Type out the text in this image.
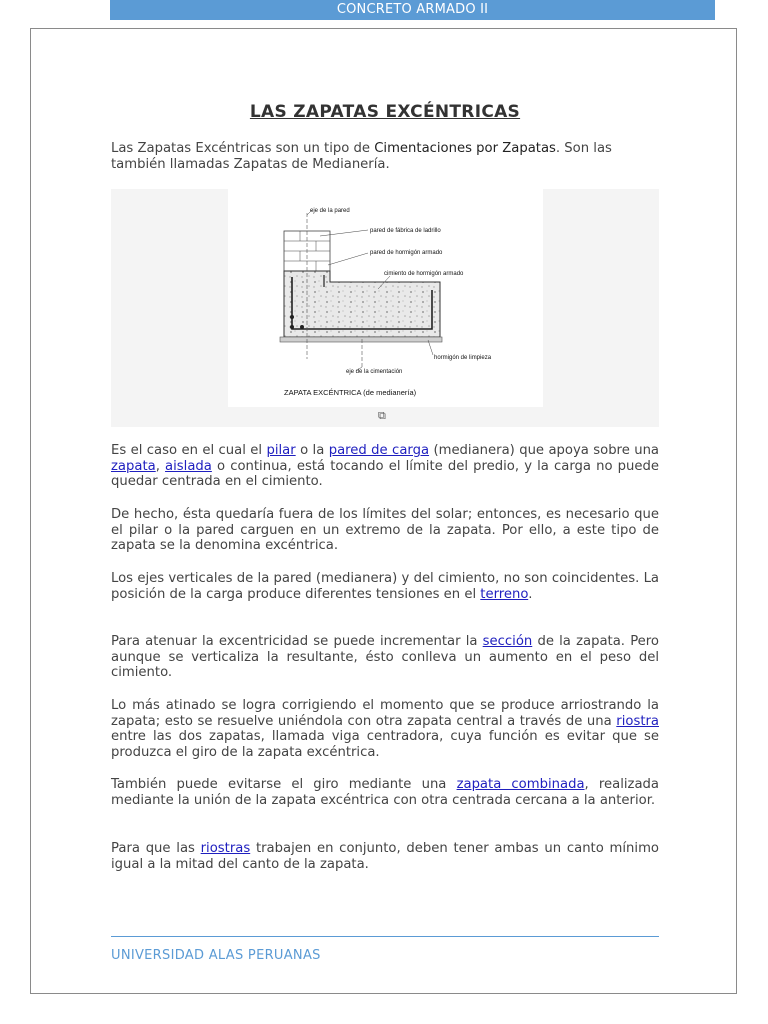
CONCRETO ARMADO II
LAS ZAPATAS EXCÉNTRICAS

Las Zapatas Excéntricas son un tipo de Cimentaciones por Zapatas. Son las también llamadas Zapatas de Medianería.

eje de la pared
pared de fábrica de ladrillo
pared de hormigón armado
cimiento de hormigón armado
hormigón de limpieza
eje de la cimentación
ZAPATA EXCÉNTRICA (de medianería)
⧉

Es el caso en el cual el pilar o la pared de carga (medianera) que apoya sobre una zapata, aislada o continua, está tocando el límite del predio, y la carga no puede quedar centrada en el cimiento.

De hecho, ésta quedaría fuera de los límites del solar; entonces, es necesario que el pilar o la pared carguen en un extremo de la zapata. Por ello, a este tipo de zapata se la denomina excéntrica.

Los ejes verticales de la pared (medianera) y del cimiento, no son coincidentes. La posición de la carga produce diferentes tensiones en el terreno.

Para atenuar la excentricidad se puede incrementar la sección de la zapata. Pero aunque se verticaliza la resultante, ésto conlleva un aumento en el peso del cimiento.

Lo más atinado se logra corrigiendo el momento que se produce arriostrando la zapata; esto se resuelve uniéndola con otra zapata central a través de una riostra entre las dos zapatas, llamada viga centradora, cuya función es evitar que se produzca el giro de la zapata excéntrica.

También puede evitarse el giro mediante una zapata combinada, realizada mediante la unión de la zapata excéntrica con otra centrada cercana a la anterior.

Para que las riostras trabajen en conjunto, deben tener ambas un canto mínimo igual a la mitad del canto de la zapata.

UNIVERSIDAD ALAS PERUANAS
